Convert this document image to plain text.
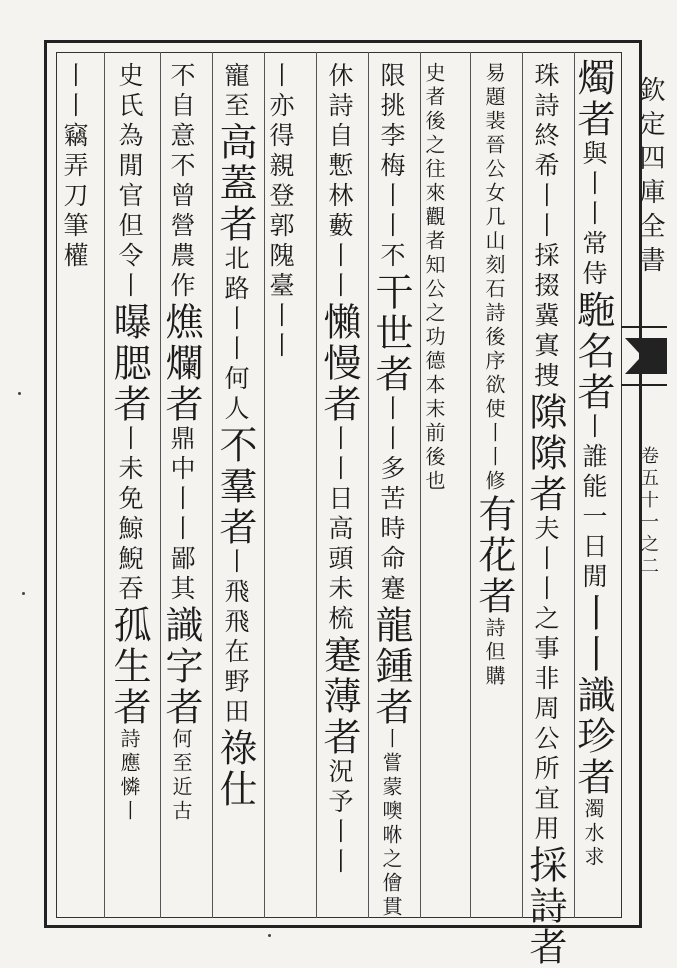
燭者與丨丨常侍駞名者丨誰能一日閒丨丨識珍者濁水求
珠詩終希丨丨採掇冀寘捜𨻶𨻶者夫丨丨之事非周公所宜用採詩者
易題裴晉公女几山刻石詩後序欲使丨丨修有花者詩但購
史者後之往來觀者知公之功德本末前後也
限挑李梅丨丨不干世者丨丨多苦時命蹇龍鍾者丨嘗蒙噢咻之儈貫
休詩自慙林藪丨丨懶慢者丨丨日高頭未梳蹇薄者況予丨丨
丨亦得親登郭隗臺丨丨
寵至高蓋者北路丨丨何人不羣者丨飛飛在野田祿仕
不自意不曾營農作燋爛者鼎中丨丨鄙其識字者何至近古
史氏為閒官但令丨曝腮者丨未免鯨鯢吞孤生者詩應憐丨
丨丨竊弄刀筆權	欽定四庫全書
卷五十一之二
